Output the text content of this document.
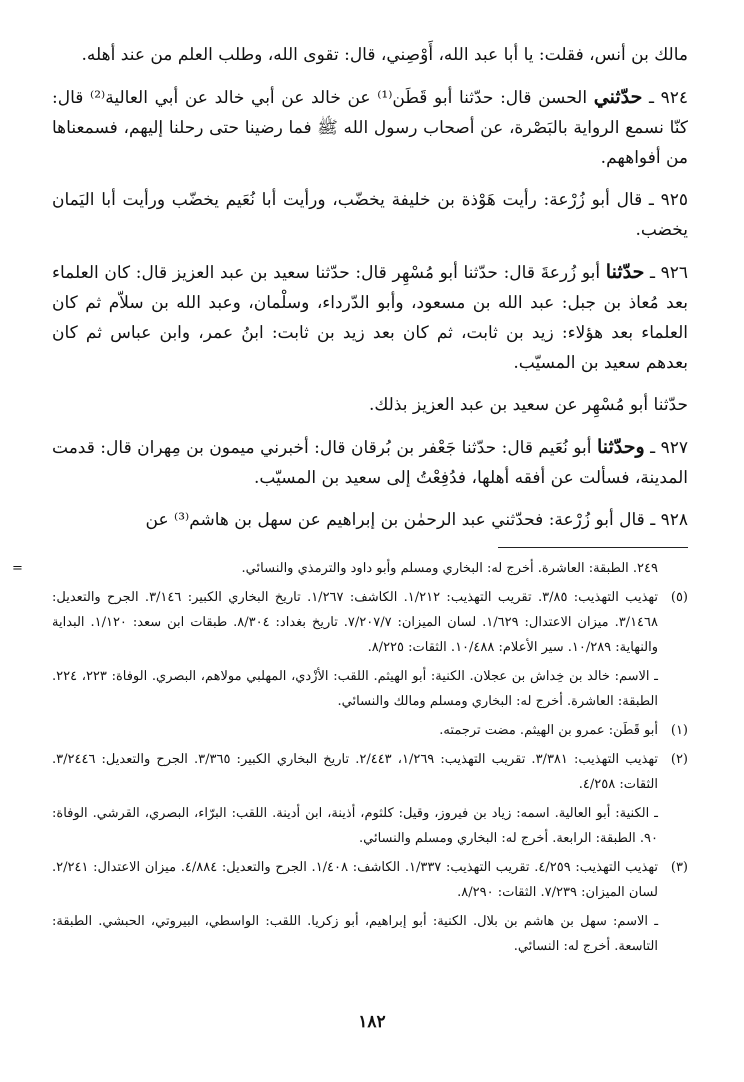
مالك بن أنس، فقلت: يا أبا عبد الله، أَوْصِني، قال: تقوى الله، وطلب العلم من عند أهله.

٩٢٤ ـ حدّثني الحسن قال: حدّثنا أبو قَطَن⁽¹⁾ عن خالد عن أبي خالد عن أبي العالية⁽²⁾ قال: كنّا نسمع الرواية بالبَصْرة، عن أصحاب رسول الله ﷺ فما رضينا حتى رحلنا إليهم، فسمعناها من أفواههم.

٩٢٥ ـ قال أبو زُرْعة: رأيت هَوْذة بن خليفة يخضّب، ورأيت أبا نُعَيم يخضّب ورأيت أبا اليَمان يخضب.

٩٢٦ ـ حدّثنا أبو زُرعةَ قال: حدّثنا أبو مُسْهِر قال: حدّثنا سعيد بن عبد العزيز قال: كان العلماء بعد مُعاذ بن جبل: عبد الله بن مسعود، وأبو الدّرداء، وسلْمان، وعبد الله بن سلاّم ثم كان العلماء بعد هؤلاء: زيد بن ثابت، ثم كان بعد زيد بن ثابت: ابنُ عمر، وابن عباس ثم كان بعدهم سعيد بن المسيّب.

حدّثنا أبو مُسْهِر عن سعيد بن عبد العزيز بذلك.

٩٢٧ ـ وحدّثنا أبو نُعَيم قال: حدّثنا جَعْفر بن بُرقان قال: أخبرني ميمون بن مِهران قال: قدمت المدينة، فسألت عن أفقه أهلها، فدُفِعْتُ إلى سعيد بن المسيّب.

٩٢٨ ـ قال أبو زُرْعة: فحدّثني عبد الرحمٰن بن إبراهيم عن سهل بن هاشم⁽³⁾ عن

=	٢٤٩. الطبقة: العاشرة. أخرج له: البخاري ومسلم وأبو داود والترمذي والنسائي.
(٥)
تهذيب التهذيب: ٣/٨٥. تقريب التهذيب: ١/٢١٢. الكاشف: ١/٢٦٧. تاريخ البخاري الكبير: ٣/١٤٦. الجرح والتعديل: ٣/١٤٦٨. ميزان الاعتدال: ١/٦٢٩. لسان الميزان: ٧/٢٠٧/٧. تاريخ بغداد: ٨/٣٠٤. طبقات ابن سعد: ١/١٢٠. البداية والنهاية: ١٠/٢٨٩. سير الأعلام: ١٠/٤٨٨. الثقات: ٨/٢٢٥.
ـ الاسم: خالد بن خِداش بن عجلان. الكنية: أبو الهيثم. اللقب: الأزْدي، المهلبي مولاهم، البصري. الوفاة: ٢٢٣، ٢٢٤. الطبقة: العاشرة. أخرج له: البخاري ومسلم ومالك والنسائي.
(١)
أبو قَطَن: عمرو بن الهيثم. مضت ترجمته.
(٢)
تهذيب التهذيب: ٣/٣٨١. تقريب التهذيب: ١/٢٦٩، ٢/٤٤٣. تاريخ البخاري الكبير: ٣/٣٦٥. الجرح والتعديل: ٣/٢٤٤٦. الثقات: ٤/٢٥٨.
ـ الكنية: أبو العالية. اسمه: زياد بن فيروز، وقيل: كلثوم، أذينة، ابن أدينة. اللقب: البرّاء، البصري، القرشي. الوفاة: ٩٠. الطبقة: الرابعة. أخرج له: البخاري ومسلم والنسائي.
(٣)
تهذيب التهذيب: ٤/٢٥٩. تقريب التهذيب: ١/٣٣٧. الكاشف: ١/٤٠٨. الجرح والتعديل: ٤/٨٨٤. ميزان الاعتدال: ٢/٢٤١. لسان الميزان: ٧/٢٣٩. الثقات: ٨/٢٩٠.
ـ الاسم: سهل بن هاشم بن بلال. الكنية: أبو إبراهيم، أبو زكريا. اللقب: الواسطي، البيروتي، الحبشي. الطبقة: التاسعة. أخرج له: النسائي.
١٨٢
